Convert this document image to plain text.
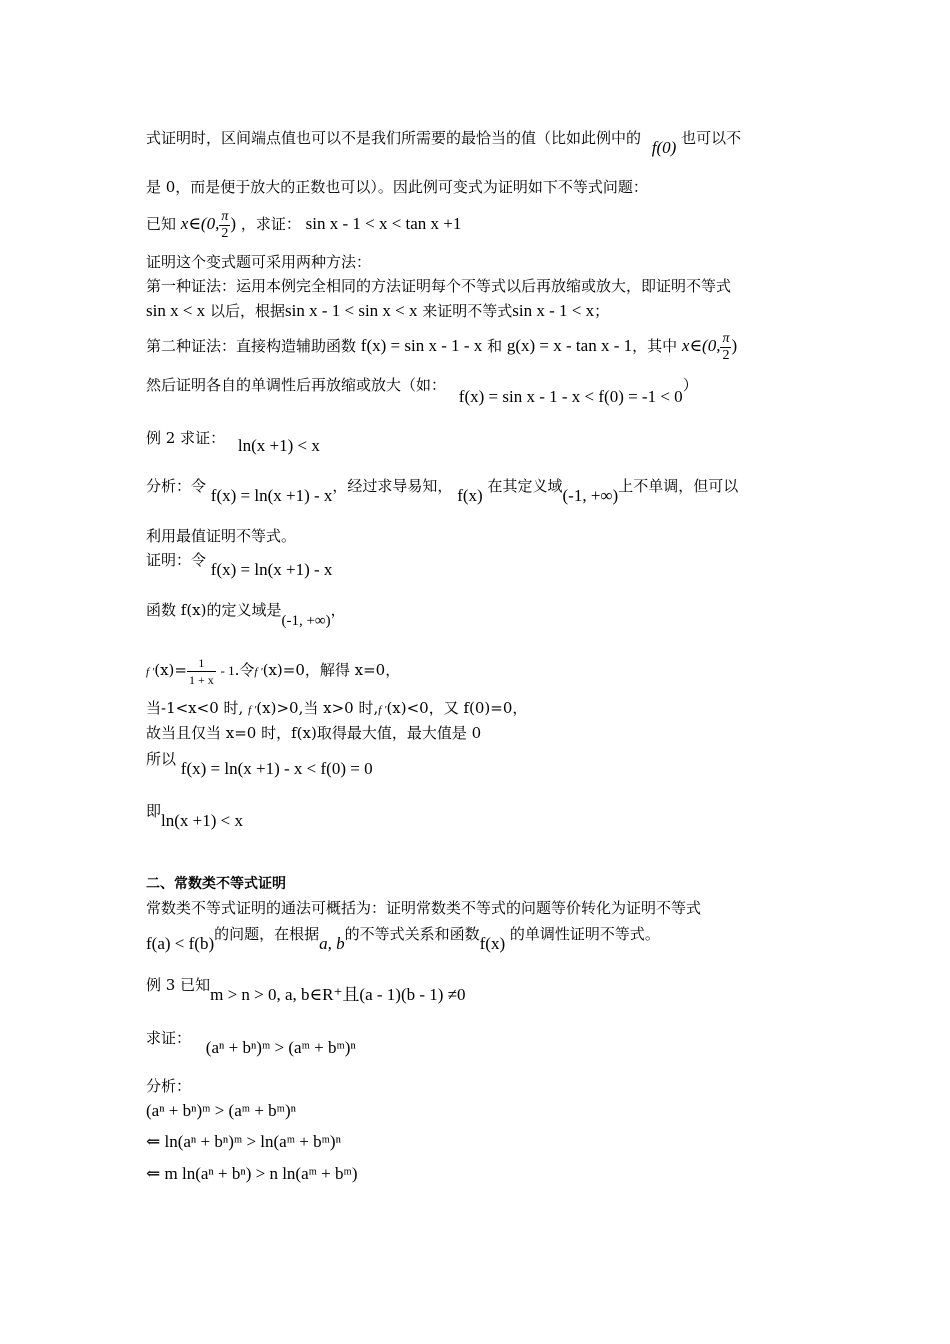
式证明时，区间端点值也可以不是我们所需要的最恰当的值（比如此例中的 f(0) 也可以不
是 0，而是便于放大的正数也可以）。因此例可变式为证明如下不等式问题：
已知 x∈(0, $\frac{\pi}{2}$ ) ，求证： sin x - 1 < x < tan x +1
证明这个变式题可采用两种方法：
第一种证法：运用本例完全相同的方法证明每个不等式以后再放缩或放大，即证明不等式
sin x < x 以后，根据sin x - 1 < sin x < x 来证明不等式sin x - 1 < x；
第二种证法：直接构造辅助函数 f(x) = sin x - 1 - x 和 g(x) = x - tan x - 1，其中 x∈(0, $\frac{\pi}{2}$ )
然后证明各自的单调性后再放缩或放大（如： f(x) = sin x - 1 - x < f(0) = -1 < 0）
例 2 求证： ln(x +1) < x
分析：令 f(x) = ln(x +1) - x，经过求导易知， f(x) 在其定义域(-1, +∞)上不单调，但可以
利用最值证明不等式。
证明：令 f(x) = ln(x +1) - x
函数 f(x)的定义域是(-1, +∞)，
f $'(x)= \frac{1}{1 + x} - 1$.令f ′(x)=0，解得 x=0，
当-1<x<0 时, f ′(x)>0,当 x>0 时,f ′(x)<0，又 f(0)=0，
故当且仅当 x=0 时，f(x)取得最大值，最大值是 0
所以 f(x) = ln(x +1) - x < f(0) = 0
即ln(x +1) < x
二、常数类不等式证明
常数类不等式证明的通法可概括为：证明常数类不等式的问题等价转化为证明不等式
f(a) < f(b)的问题，在根据a, b的不等式关系和函数f(x) 的单调性证明不等式。
例 3 已知m > n > 0, a, b∈R⁺且(a - 1)(b - 1) ≠0
求证： (aⁿ + bⁿ)ᵐ > (aᵐ + bᵐ)ⁿ
分析：
(aⁿ + bⁿ)ᵐ > (aᵐ + bᵐ)ⁿ
⇐ ln(aⁿ + bⁿ)ᵐ > ln(aᵐ + bᵐ)ⁿ
⇐ m ln(aⁿ + bⁿ) > n ln(aᵐ + bᵐ)
